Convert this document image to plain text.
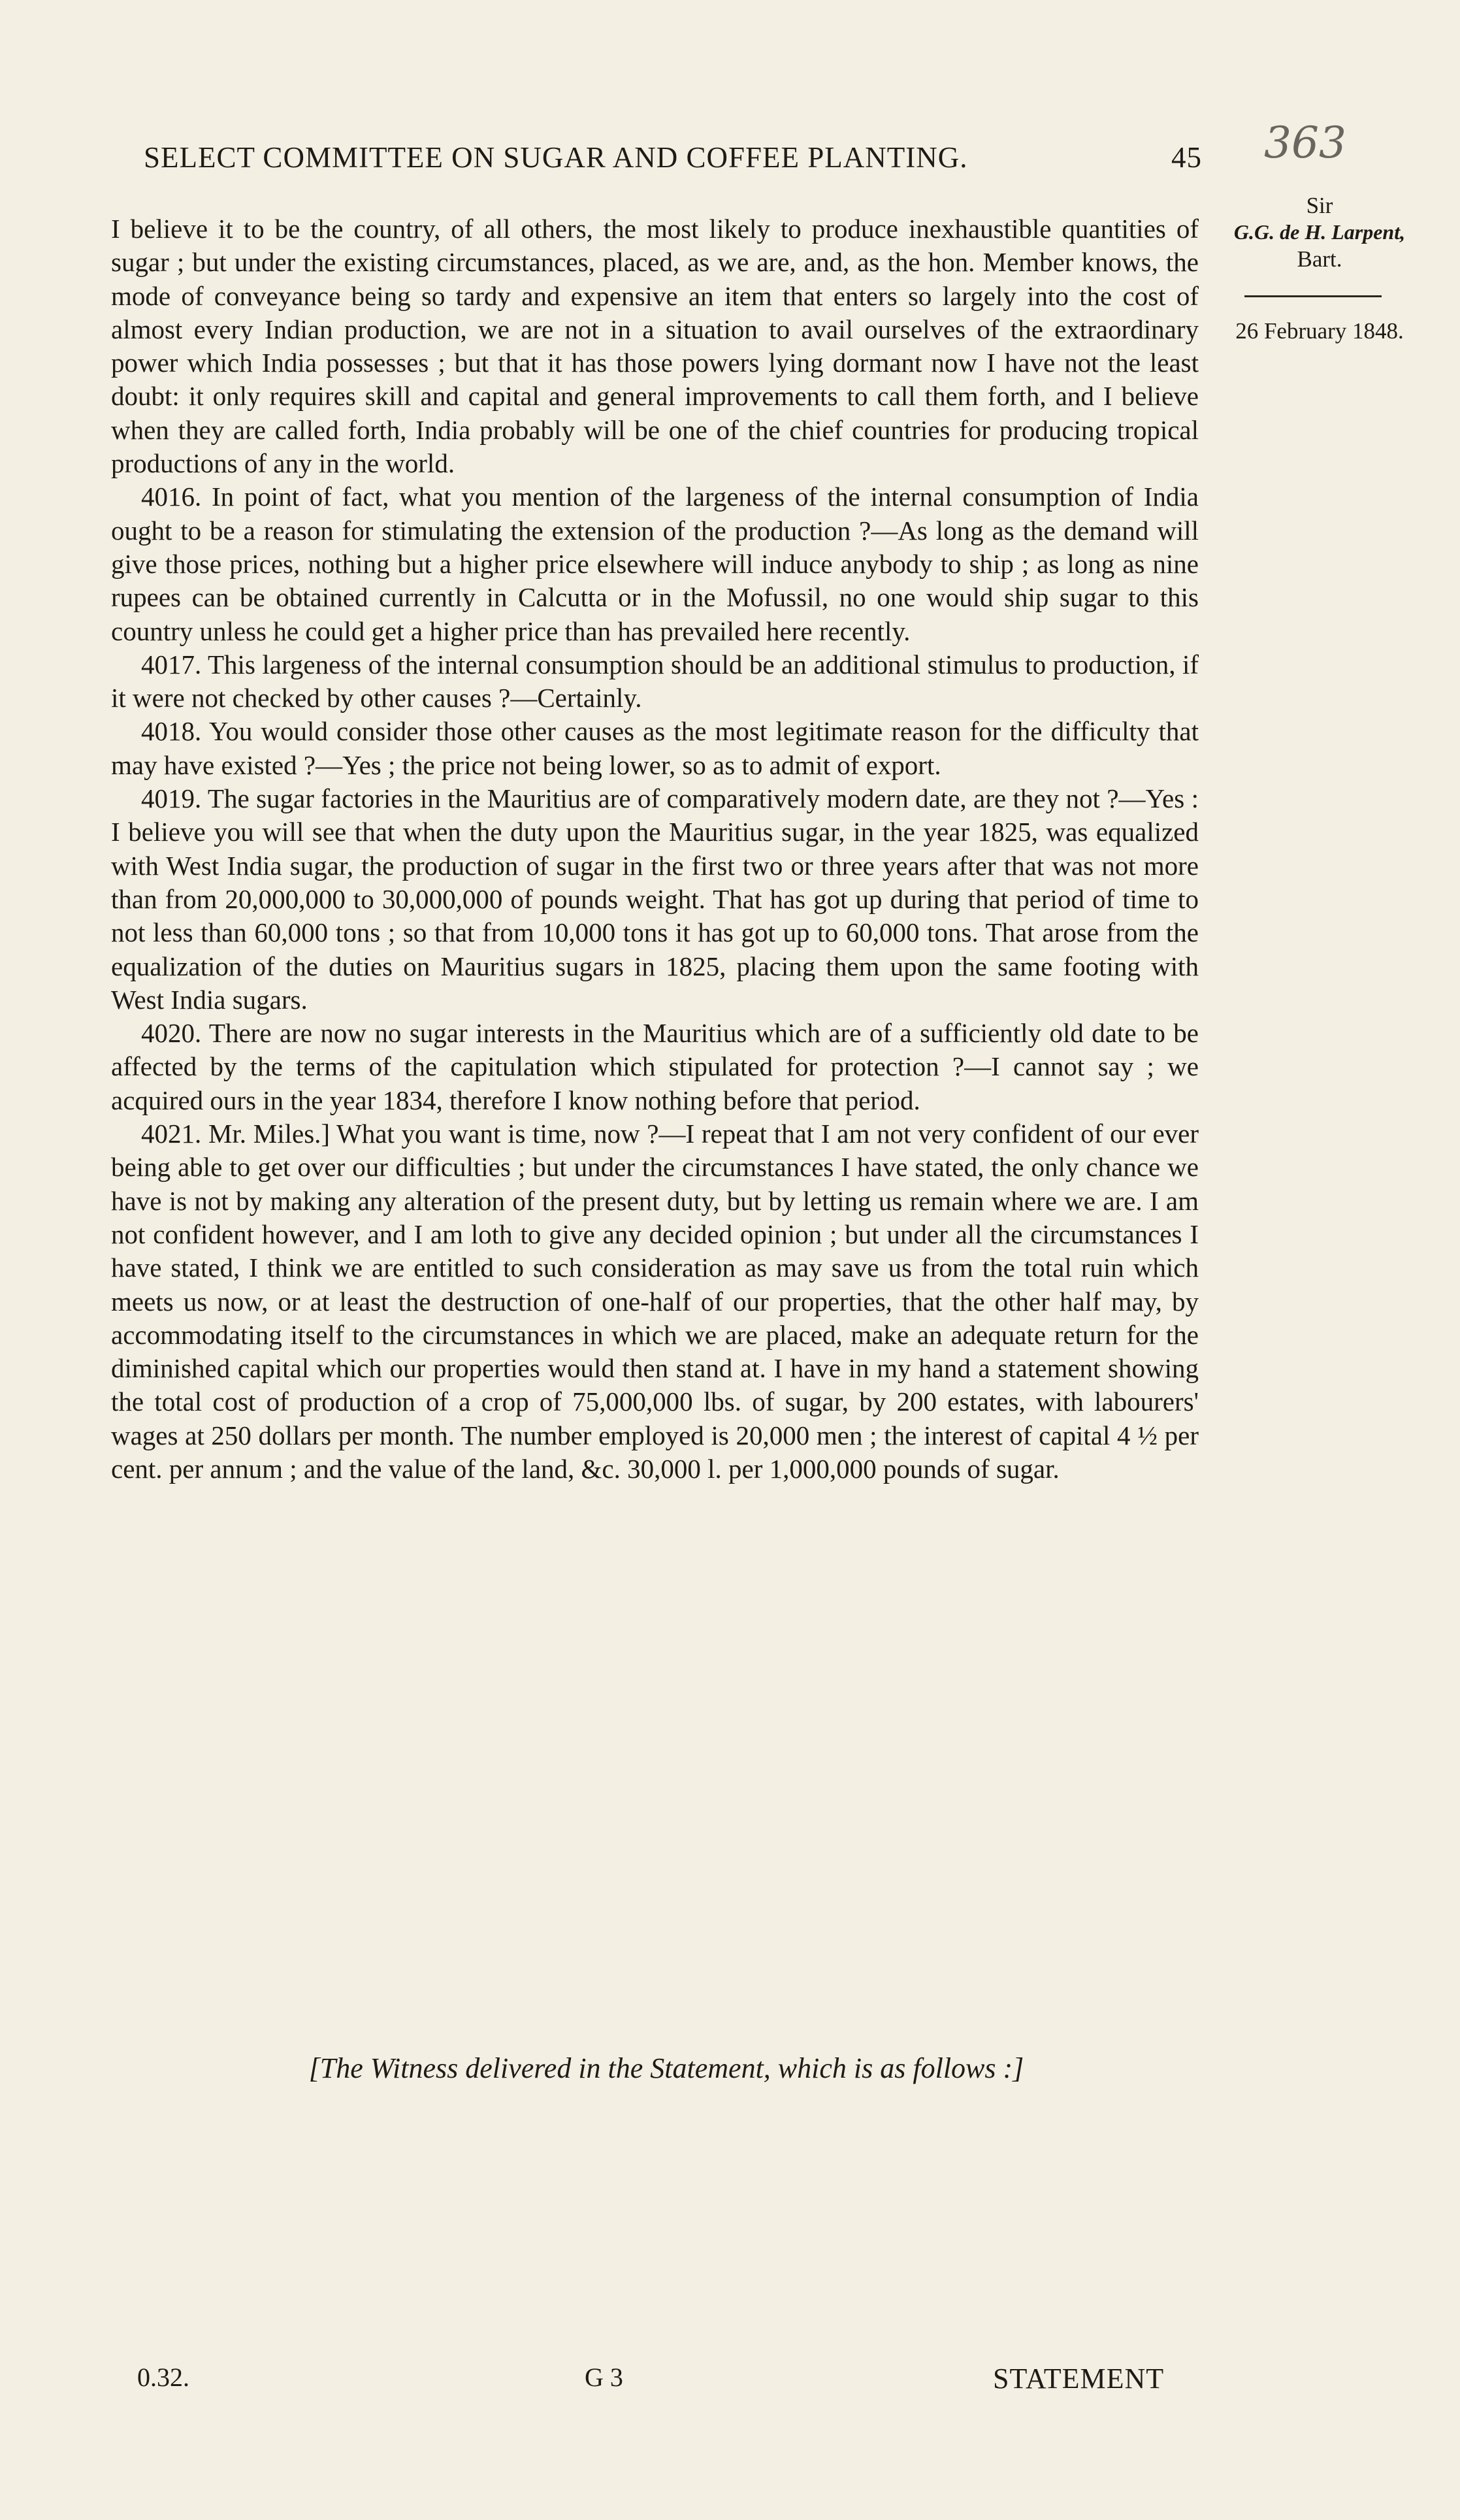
SELECT COMMITTEE ON SUGAR AND COFFEE PLANTING.	45 363
Sir
G.G. de H. Larpent,
Bart.
26 February 1848.

I believe it to be the country, of all others, the most likely to produce inexhaustible quantities of sugar ; but under the existing circumstances, placed, as we are, and, as the hon. Member knows, the mode of conveyance being so tardy and expensive an item that enters so largely into the cost of almost every Indian production, we are not in a situation to avail ourselves of the extraordinary power which India possesses ; but that it has those powers lying dormant now I have not the least doubt: it only requires skill and capital and general improvements to call them forth, and I believe when they are called forth, India probably will be one of the chief countries for producing tropical productions of any in the world.

4016. In point of fact, what you mention of the largeness of the internal consumption of India ought to be a reason for stimulating the extension of the production ?—As long as the demand will give those prices, nothing but a higher price elsewhere will induce anybody to ship ; as long as nine rupees can be obtained currently in Calcutta or in the Mofussil, no one would ship sugar to this country unless he could get a higher price than has prevailed here recently.

4017. This largeness of the internal consumption should be an additional stimulus to production, if it were not checked by other causes ?—Certainly.

4018. You would consider those other causes as the most legitimate reason for the difficulty that may have existed ?—Yes ; the price not being lower, so as to admit of export.

4019. The sugar factories in the Mauritius are of comparatively modern date, are they not ?—Yes : I believe you will see that when the duty upon the Mauritius sugar, in the year 1825, was equalized with West India sugar, the production of sugar in the first two or three years after that was not more than from 20,000,000 to 30,000,000 of pounds weight. That has got up during that period of time to not less than 60,000 tons ; so that from 10,000 tons it has got up to 60,000 tons. That arose from the equalization of the duties on Mauritius sugars in 1825, placing them upon the same footing with West India sugars.

4020. There are now no sugar interests in the Mauritius which are of a sufficiently old date to be affected by the terms of the capitulation which stipulated for protection ?—I cannot say ; we acquired ours in the year 1834, therefore I know nothing before that period.

4021. Mr. Miles.] What you want is time, now ?—I repeat that I am not very confident of our ever being able to get over our difficulties ; but under the circumstances I have stated, the only chance we have is not by making any alteration of the present duty, but by letting us remain where we are. I am not confident however, and I am loth to give any decided opinion ; but under all the circumstances I have stated, I think we are entitled to such consideration as may save us from the total ruin which meets us now, or at least the destruction of one-half of our properties, that the other half may, by accommodating itself to the circumstances in which we are placed, make an adequate return for the diminished capital which our properties would then stand at. I have in my hand a statement showing the total cost of production of a crop of 75,000,000 lbs. of sugar, by 200 estates, with labourers' wages at 250 dollars per month. The number employed is 20,000 men ; the interest of capital 4 ½ per cent. per annum ; and the value of the land, &c. 30,000 l. per 1,000,000 pounds of sugar.

[The Witness delivered in the Statement, which is as follows :]
0.32.	G 3	STATEMENT
